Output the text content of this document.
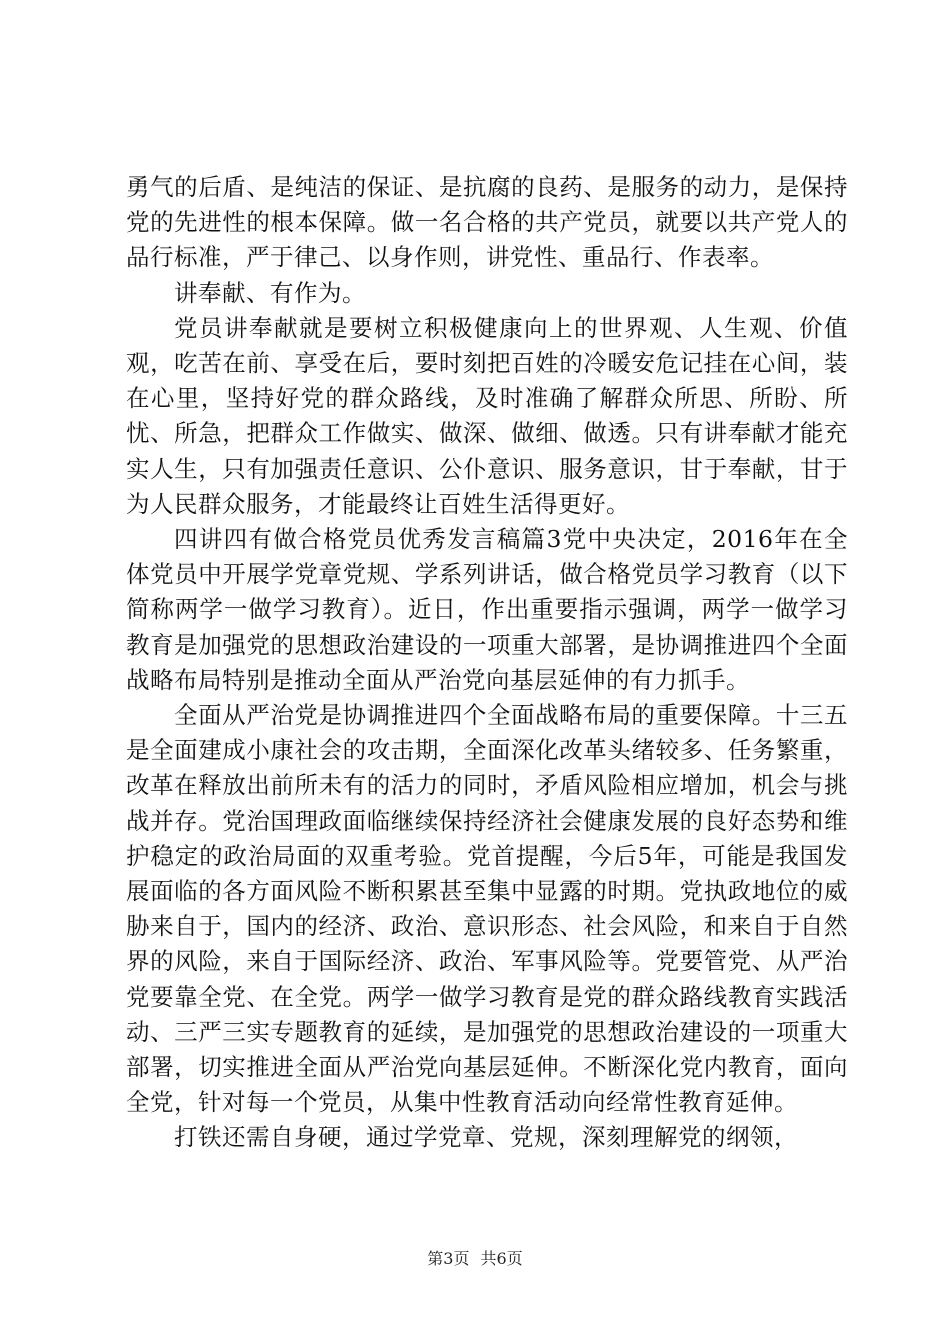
勇气的后盾、是纯洁的保证、是抗腐的良药、是服务的动力，是保持党的先进性的根本保障。做一名合格的共产党员，就要以共产党人的品行标准，严于律己、以身作则，讲党性、重品行、作表率。

讲奉献、有作为。

党员讲奉献就是要树立积极健康向上的世界观、人生观、价值观，吃苦在前、享受在后，要时刻把百姓的冷暖安危记挂在心间，装在心里，坚持好党的群众路线，及时准确了解群众所思、所盼、所忧、所急，把群众工作做实、做深、做细、做透。只有讲奉献才能充实人生，只有加强责任意识、公仆意识、服务意识，甘于奉献，甘于为人民群众服务，才能最终让百姓生活得更好。

四讲四有做合格党员优秀发言稿篇3党中央决定，2016年在全体党员中开展学党章党规、学系列讲话，做合格党员学习教育（以下简称两学一做学习教育）。近日，作出重要指示强调，两学一做学习教育是加强党的思想政治建设的一项重大部署，是协调推进四个全面战略布局特别是推动全面从严治党向基层延伸的有力抓手。

全面从严治党是协调推进四个全面战略布局的重要保障。十三五是全面建成小康社会的攻击期，全面深化改革头绪较多、任务繁重，改革在释放出前所未有的活力的同时，矛盾风险相应增加，机会与挑战并存。党治国理政面临继续保持经济社会健康发展的良好态势和维护稳定的政治局面的双重考验。党首提醒，今后5年，可能是我国发展面临的各方面风险不断积累甚至集中显露的时期。党执政地位的威胁来自于，国内的经济、政治、意识形态、社会风险，和来自于自然界的风险，来自于国际经济、政治、军事风险等。党要管党、从严治党要靠全党、在全党。两学一做学习教育是党的群众路线教育实践活动、三严三实专题教育的延续，是加强党的思想政治建设的一项重大部署，切实推进全面从严治党向基层延伸。不断深化党内教育，面向全党，针对每一个党员，从集中性教育活动向经常性教育延伸。

打铁还需自身硬，通过学党章、党规，深刻理解党的纲领，

第3页 共6页
